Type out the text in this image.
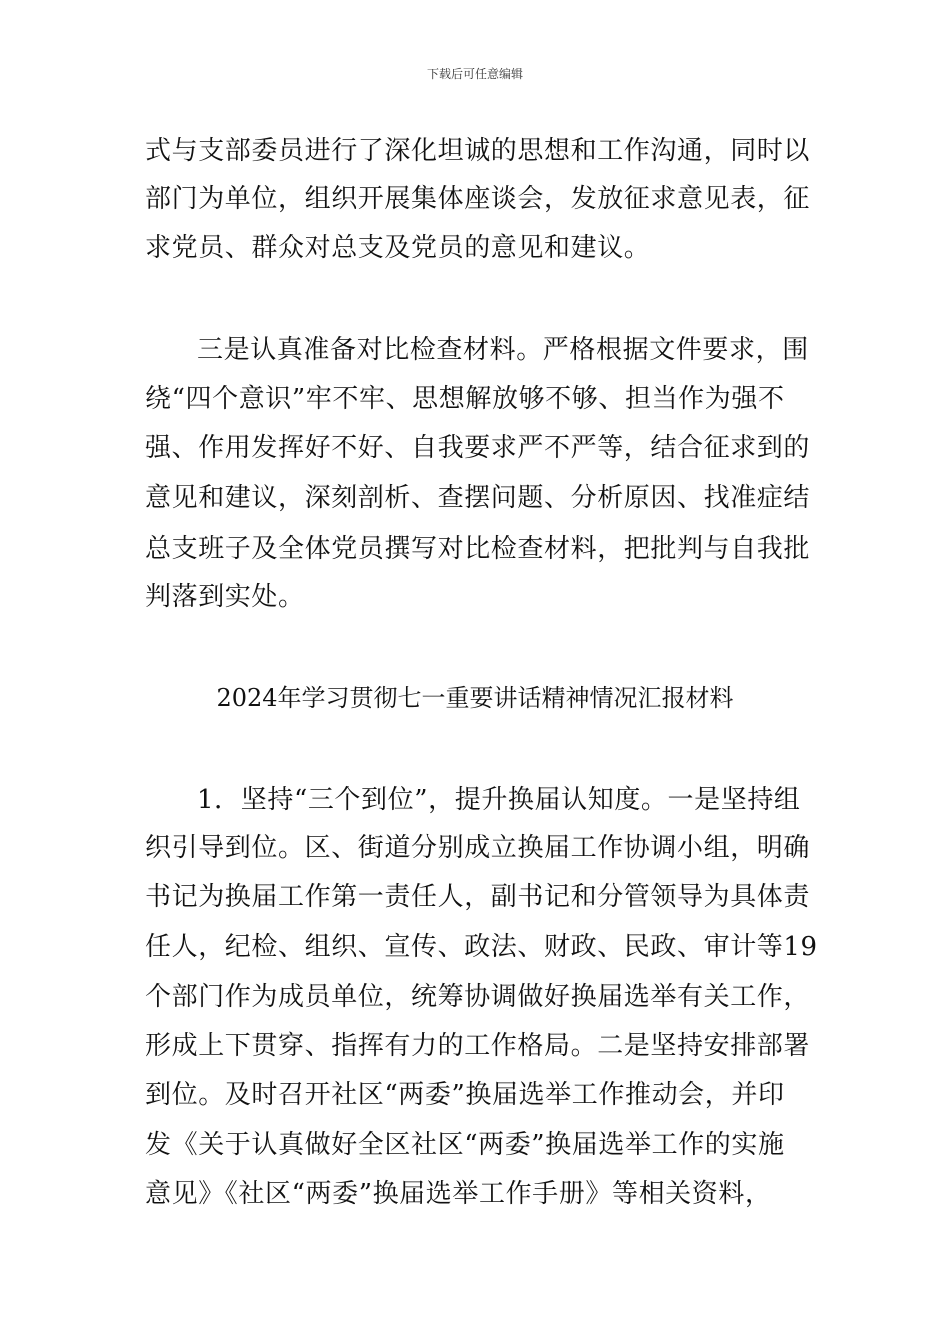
下载后可任意编辑
式与支部委员进行了深化坦诚的思想和工作沟通，同时以
部门为单位，组织开展集体座谈会，发放征求意见表，征
求党员、群众对总支及党员的意见和建议。
三是认真准备对比检查材料。严格根据文件要求，围
绕“四个意识”牢不牢、思想解放够不够、担当作为强不
强、作用发挥好不好、自我要求严不严等，结合征求到的
意见和建议，深刻剖析、查摆问题、分析原因、找准症结
总支班子及全体党员撰写对比检查材料，把批判与自我批
判落到实处。
2024年学习贯彻七一重要讲话精神情况汇报材料
1．坚持“三个到位”，提升换届认知度。一是坚持组
织引导到位。区、街道分别成立换届工作协调小组，明确
书记为换届工作第一责任人，副书记和分管领导为具体责
任人，纪检、组织、宣传、政法、财政、民政、审计等19
个部门作为成员单位，统筹协调做好换届选举有关工作，
形成上下贯穿、指挥有力的工作格局。二是坚持安排部署
到位。及时召开社区“两委”换届选举工作推动会，并印
发《关于认真做好全区社区“两委”换届选举工作的实施
意见》《社区“两委”换届选举工作手册》等相关资料，
